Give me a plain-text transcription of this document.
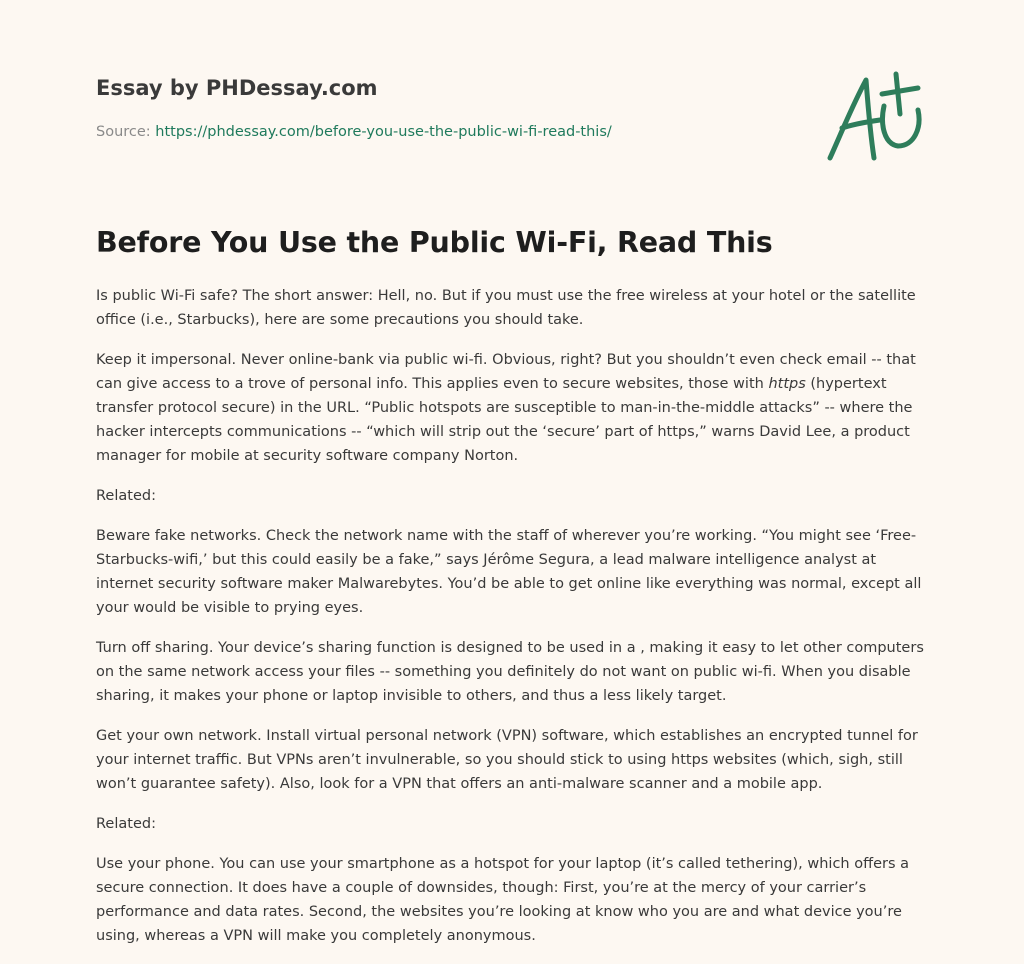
Essay by PHDessay.com

Source: https://phdessay.com/before-you-use-the-public-wi-fi-read-this/

Before You Use the Public Wi-Fi, Read This

Is public Wi-Fi safe? The short answer: Hell, no. But if you must use the free wireless at your hotel or the satellite office (i.e., Starbucks), here are some precautions you should take.

Keep it impersonal. Never online-bank via public wi-fi. Obvious, right? But you shouldn’t even check email -- that can give access to a trove of personal info. This applies even to secure websites, those with https (hypertext transfer protocol secure) in the URL. “Public hotspots are susceptible to man-in-the-middle attacks” -- where the hacker intercepts communications -- “which will strip out the ‘secure’ part of https,” warns David Lee, a product manager for mobile at security software company Norton.

Related:

Beware fake networks. Check the network name with the staff of wherever you’re working. “You might see ‘Free-Starbucks-wifi,’ but this could easily be a fake,” says Jérôme Segura, a lead malware intelligence analyst at internet security software maker Malwarebytes. You’d be able to get online like everything was normal, except all your would be visible to prying eyes.

Turn off sharing. Your device’s sharing function is designed to be used in a , making it easy to let other computers on the same network access your files -- something you definitely do not want on public wi-fi. When you disable sharing, it makes your phone or laptop invisible to others, and thus a less likely target.

Get your own network. Install virtual personal network (VPN) software, which establishes an encrypted tunnel for your internet traffic. But VPNs aren’t invulnerable, so you should stick to using https websites (which, sigh, still won’t guarantee safety). Also, look for a VPN that offers an anti-malware scanner and a mobile app.

Related:

Use your phone. You can use your smartphone as a hotspot for your laptop (it’s called tethering), which offers a secure connection. It does have a couple of downsides, though: First, you’re at the mercy of your carrier’s performance and data rates. Second, the websites you’re looking at know who you are and what device you’re using, whereas a VPN will make you completely anonymous.
